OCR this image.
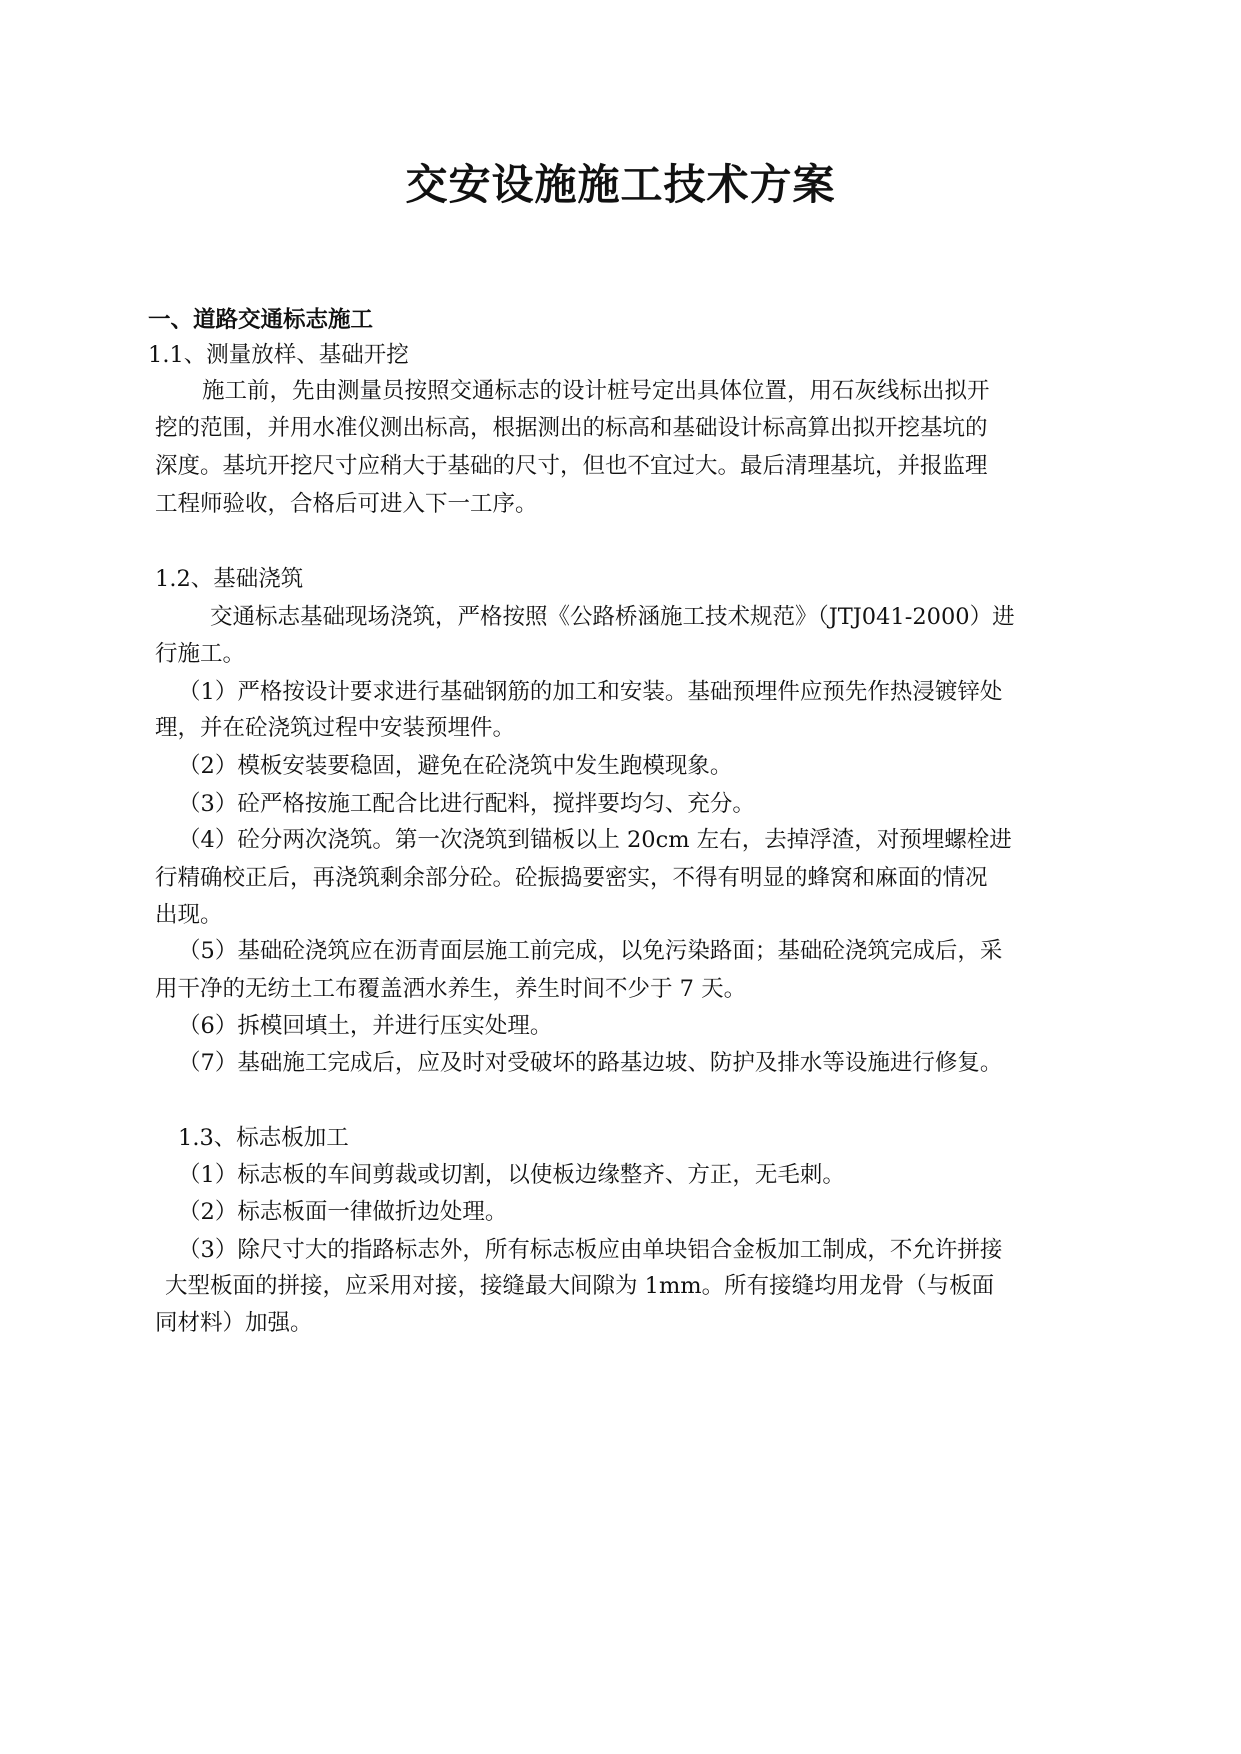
交安设施施工技术方案

一、道路交通标志施工

1.1、测量放样、基础开挖

施工前，先由测量员按照交通标志的设计桩号定出具体位置，用石灰线标出拟开

挖的范围，并用水准仪测出标高，根据测出的标高和基础设计标高算出拟开挖基坑的

深度。基坑开挖尺寸应稍大于基础的尺寸，但也不宜过大。最后清理基坑，并报监理

工程师验收，合格后可进入下一工序。

1.2、基础浇筑

交通标志基础现场浇筑，严格按照《公路桥涵施工技术规范》（JTJ041-2000）进

行施工。

（1）严格按设计要求进行基础钢筋的加工和安装。基础预埋件应预先作热浸镀锌处

理，并在砼浇筑过程中安装预埋件。

（2）模板安装要稳固，避免在砼浇筑中发生跑模现象。

（3）砼严格按施工配合比进行配料，搅拌要均匀、充分。

（4）砼分两次浇筑。第一次浇筑到锚板以上 20cm 左右，去掉浮渣，对预埋螺栓进

行精确校正后，再浇筑剩余部分砼。砼振捣要密实，不得有明显的蜂窝和麻面的情况

出现。

（5）基础砼浇筑应在沥青面层施工前完成，以免污染路面；基础砼浇筑完成后，采

用干净的无纺土工布覆盖洒水养生，养生时间不少于 7 天。

（6）拆模回填土，并进行压实处理。

（7）基础施工完成后，应及时对受破坏的路基边坡、防护及排水等设施进行修复。

1.3、标志板加工

（1）标志板的车间剪裁或切割，以使板边缘整齐、方正，无毛刺。

（2）标志板面一律做折边处理。

（3）除尺寸大的指路标志外，所有标志板应由单块铝合金板加工制成，不允许拼接

大型板面的拼接，应采用对接，接缝最大间隙为 1mm。所有接缝均用龙骨（与板面

同材料）加强。
